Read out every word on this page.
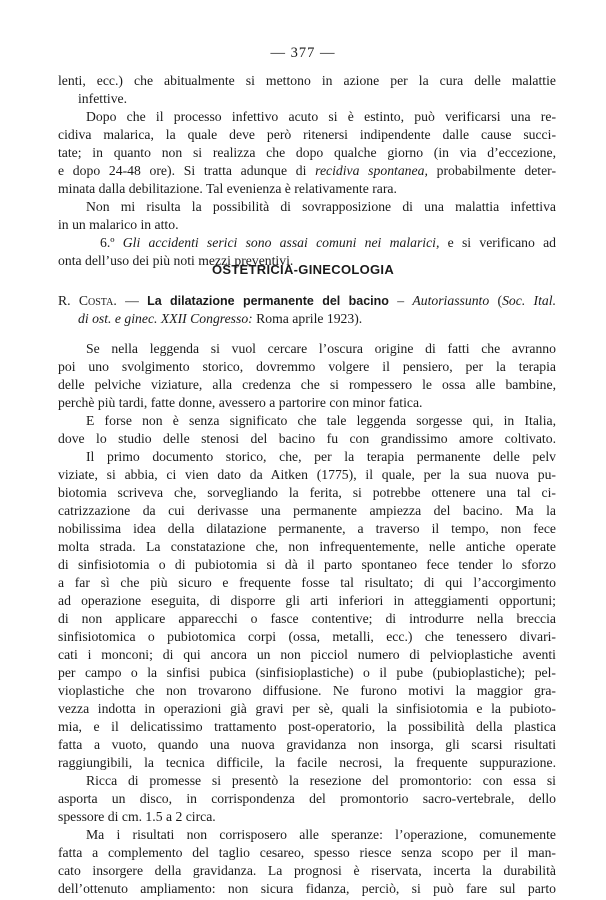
— 377 —
lenti, ecc.) che abitualmente si mettono in azione per la cura delle malattie
infettive.
Dopo che il processo infettivo acuto si è estinto, può verificarsi una re-
cidiva malarica, la quale deve però ritenersi indipendente dalle cause succi-
tate; in quanto non si realizza che dopo qualche giorno (in via d’eccezione,
e dopo 24-48 ore). Si tratta adunque di recidiva spontanea, probabilmente deter-
minata dalla debilitazione. Tal evenienza è relativamente rara.
Non mi risulta la possibilità di sovrapposizione di una malattia infettiva
in un malarico in atto.
6.º Gli accidenti serici sono assai comuni nei malarici, e si verificano ad
OSTETRICIA-GINECOLOGIA
R. Costa. — La dilatazione permanente del bacino – Autoriassunto (Soc. Ital.
di ost. e ginec. XXII Congresso: Roma aprile 1923).
Se nella leggenda si vuol cercare l’oscura origine di fatti che avranno
poi uno svolgimento storico, dovremmo volgere il pensiero, per la terapia
delle pelviche viziature, alla credenza che si rompessero le ossa alle bambine,
perchè più tardi, fatte donne, avessero a partorire con minor fatica.
E forse non è senza significato che tale leggenda sorgesse qui, in Italia,
dove lo studio delle stenosi del bacino fu con grandissimo amore coltivato.
Il primo documento storico, che, per la terapia permanente delle pelv
viziate, si abbia, ci vien dato da Aitken (1775), il quale, per la sua nuova pu-
biotomia scriveva che, sorvegliando la ferita, si potrebbe ottenere una tal ci-
catrizzazione da cui derivasse una permanente ampiezza del bacino. Ma la
nobilissima idea della dilatazione permanente, a traverso il tempo, non fece
molta strada. La constatazione che, non infrequentemente, nelle antiche operate
di sinfisiotomia o di pubiotomia si dà il parto spontaneo fece tender lo sforzo
a far sì che più sicuro e frequente fosse tal risultato; di qui l’accorgimento
ad operazione eseguita, di disporre gli arti inferiori in atteggiamenti opportuni;
di non applicare apparecchi o fasce contentive; di introdurre nella breccia
sinfisiotomica o pubiotomica corpi (ossa, metalli, ecc.) che tenessero divari-
cati i monconi; di qui ancora un non picciol numero di pelvioplastiche aventi
per campo o la sinfisi pubica (sinfisioplastiche) o il pube (pubioplastiche); pel-
vioplastiche che non trovarono diffusione. Ne furono motivi la maggior gra-
vezza indotta in operazioni già gravi per sè, quali la sinfisiotomia e la pubioto-
mia, e il delicatissimo trattamento post-operatorio, la possibilità della plastica
fatta a vuoto, quando una nuova gravidanza non insorga, gli scarsi risultati
raggiungibili, la tecnica difficile, la facile necrosi, la frequente suppurazione.
Ricca di promesse si presentò la resezione del promontorio: con essa si
asporta un disco, in corrispondenza del promontorio sacro-vertebrale, dello
spessore di cm. 1.5 a 2 circa.
Ma i risultati non corrisposero alle speranze: l’operazione, comunemente
fatta a complemento del taglio cesareo, spesso riesce senza scopo per il man-
cato insorgere della gravidanza. La prognosi è riservata, incerta la durabilità
dell’ottenuto ampliamento: non sicura fidanza, perciò, si può fare sul parto
onta dell’uso dei più noti mezzi preventivi.
